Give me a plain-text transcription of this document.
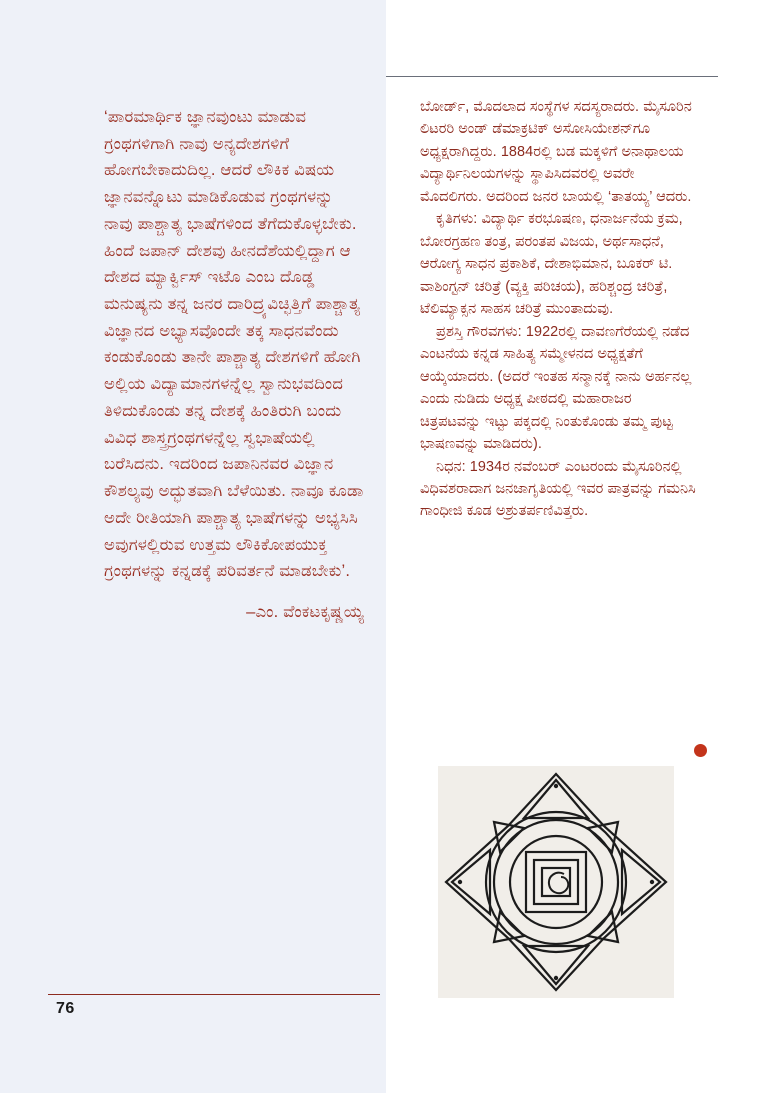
76

‘ಪಾರಮಾರ್ಥಿಕ ಜ್ಞಾನವುಂಟು ಮಾಡುವ ಗ್ರಂಥಗಳಿಗಾಗಿ ನಾವು ಅನ್ಯದೇಶಗಳಿಗೆ ಹೋಗಬೇಕಾದುದಿಲ್ಲ. ಆದರೆ ಲೌಕಿಕ ವಿಷಯ ಜ್ಞಾನವನ್ನೊಟು ಮಾಡಿಕೊಡುವ ಗ್ರಂಥಗಳನ್ನು ನಾವು ಪಾಶ್ಚಾತ್ಯ ಭಾಷೆಗಳಿಂದ ತೆಗೆದುಕೊಳ್ಳಬೇಕು. ಹಿಂದೆ ಜಪಾನ್ ದೇಶವು ಹೀನದೆಶೆಯಲ್ಲಿದ್ದಾಗ ಆ ದೇಶದ ಮ್ಯಾರ್ಕ್ವಿಸ್ ಇಟೊ ಎಂಬ ದೊಡ್ಡ ಮನುಷ್ಯನು ತನ್ನ ಜನರ ದಾರಿದ್ರ್ಯವಿಚ್ಛಿತ್ತಿಗೆ ಪಾಶ್ಚಾತ್ಯ ವಿಜ್ಞಾನದ ಅಭ್ಯಾಸವೊಂದೇ ತಕ್ಕ ಸಾಧನವೆಂದು ಕಂಡುಕೊಂಡು ತಾನೇ ಪಾಶ್ಚಾತ್ಯ ದೇಶಗಳಿಗೆ ಹೋಗಿ ಅಲ್ಲಿಯ ವಿದ್ಯಾಮಾನಗಳನ್ನೆಲ್ಲ ಸ್ವಾನುಭವದಿಂದ ತಿಳಿದುಕೊಂಡು ತನ್ನ ದೇಶಕ್ಕೆ ಹಿಂತಿರುಗಿ ಬಂದು ವಿವಿಧ ಶಾಸ್ತ್ರಗ್ರಂಥಗಳನ್ನೆಲ್ಲ ಸ್ವಭಾಷೆಯಲ್ಲಿ ಬರೆಸಿದನು. ಇದರಿಂದ ಜಪಾನಿನವರ ವಿಜ್ಞಾನ ಕೌಶಲ್ಯವು ಅದ್ಭುತವಾಗಿ ಬೆಳೆಯಿತು. ನಾವೂ ಕೂಡಾ ಅದೇ ರೀತಿಯಾಗಿ ಪಾಶ್ಚಾತ್ಯ ಭಾಷೆಗಳನ್ನು ಅಭ್ಯಸಿಸಿ ಅವುಗಳಲ್ಲಿರುವ ಉತ್ತಮ ಲೌಕಿಕೋಪಯುಕ್ತ ಗ್ರಂಥಗಳನ್ನು ಕನ್ನಡಕ್ಕೆ ಪರಿವರ್ತನೆ ಮಾಡಬೇಕು’.

–ಎಂ. ವೆಂಕಟಕೃಷ್ಣಯ್ಯ

ಬೋರ್ಡ್, ಮೊದಲಾದ ಸಂಸ್ಥೆಗಳ ಸದಸ್ಯರಾದರು. ಮೈಸೂರಿನ ಲಿಟರರಿ ಅಂಡ್ ಡೆಮಾಕ್ರಟಿಕ್ ಅಸೋಸಿಯೇಶನ್‌ಗೂ ಅಧ್ಯಕ್ಷರಾಗಿದ್ದರು. 1884ರಲ್ಲಿ ಬಡ ಮಕ್ಕಳಿಗೆ ಅನಾಥಾಲಯ ವಿದ್ಯಾರ್ಥಿನಿಲಯಗಳನ್ನು ಸ್ಥಾಪಿಸಿದವರಲ್ಲಿ ಅವರೇ ಮೊದಲಿಗರು. ಅದರಿಂದ ಜನರ ಬಾಯಲ್ಲಿ ‘ತಾತಯ್ಯ’ ಆದರು.

ಕೃತಿಗಳು: ವಿದ್ಯಾರ್ಥಿ ಕರಭೂಷಣ, ಧನಾರ್ಜನೆಯ ಕ್ರಮ, ಬೋರಗ್ರಹಣ ತಂತ್ರ, ಪರಂತಪ ವಿಜಯ, ಅರ್ಥಸಾಧನೆ, ಆರೋಗ್ಯ ಸಾಧನ ಪ್ರಕಾಶಿಕೆ, ದೇಶಾಭಿಮಾನ, ಬೂಕರ್ ಟಿ. ವಾಶಿಂಗ್ಟನ್ ಚರಿತ್ರೆ (ವ್ಯಕ್ತಿ ಪರಿಚಯ), ಹರಿಶ್ಚಂದ್ರ ಚರಿತ್ರೆ, ಟೆಲಿಮ್ಯಾಕ್ಸನ ಸಾಹಸ ಚರಿತ್ರೆ ಮುಂತಾದುವು.

ಪ್ರಶಸ್ತಿ ಗೌರವಗಳು: 1922ರಲ್ಲಿ ದಾವಣಗೆರೆಯಲ್ಲಿ ನಡೆದ ಎಂಟನೆಯ ಕನ್ನಡ ಸಾಹಿತ್ಯ ಸಮ್ಮೇಳನದ ಅಧ್ಯಕ್ಷತೆಗೆ ಆಯ್ಕೆಯಾದರು. (ಅದರೆ ಇಂತಹ ಸನ್ಮಾನಕ್ಕೆ ನಾನು ಅರ್ಹನಲ್ಲ ಎಂದು ನುಡಿದು ಅಧ್ಯಕ್ಷ ಪೀಠದಲ್ಲಿ ಮಹಾರಾಜರ ಚಿತ್ರಪಟವನ್ನು ಇಟ್ಟು ಪಕ್ಕದಲ್ಲಿ ನಿಂತುಕೊಂಡು ತಮ್ಮ ಪುಟ್ಟ ಭಾಷಣವನ್ನು ಮಾಡಿದರು).

ನಿಧನ: 1934ರ ನವೆಂಬರ್ ಎಂಟರಂದು ಮೈಸೂರಿನಲ್ಲಿ ವಿಧಿವಶರಾದಾಗ ಜನಜಾಗೃತಿಯಲ್ಲಿ ಇವರ ಪಾತ್ರವನ್ನು ಗಮನಿಸಿ ಗಾಂಧೀಜಿ ಕೂಡ ಅಶ್ರುತರ್ಪಣಿವಿತ್ತರು.
